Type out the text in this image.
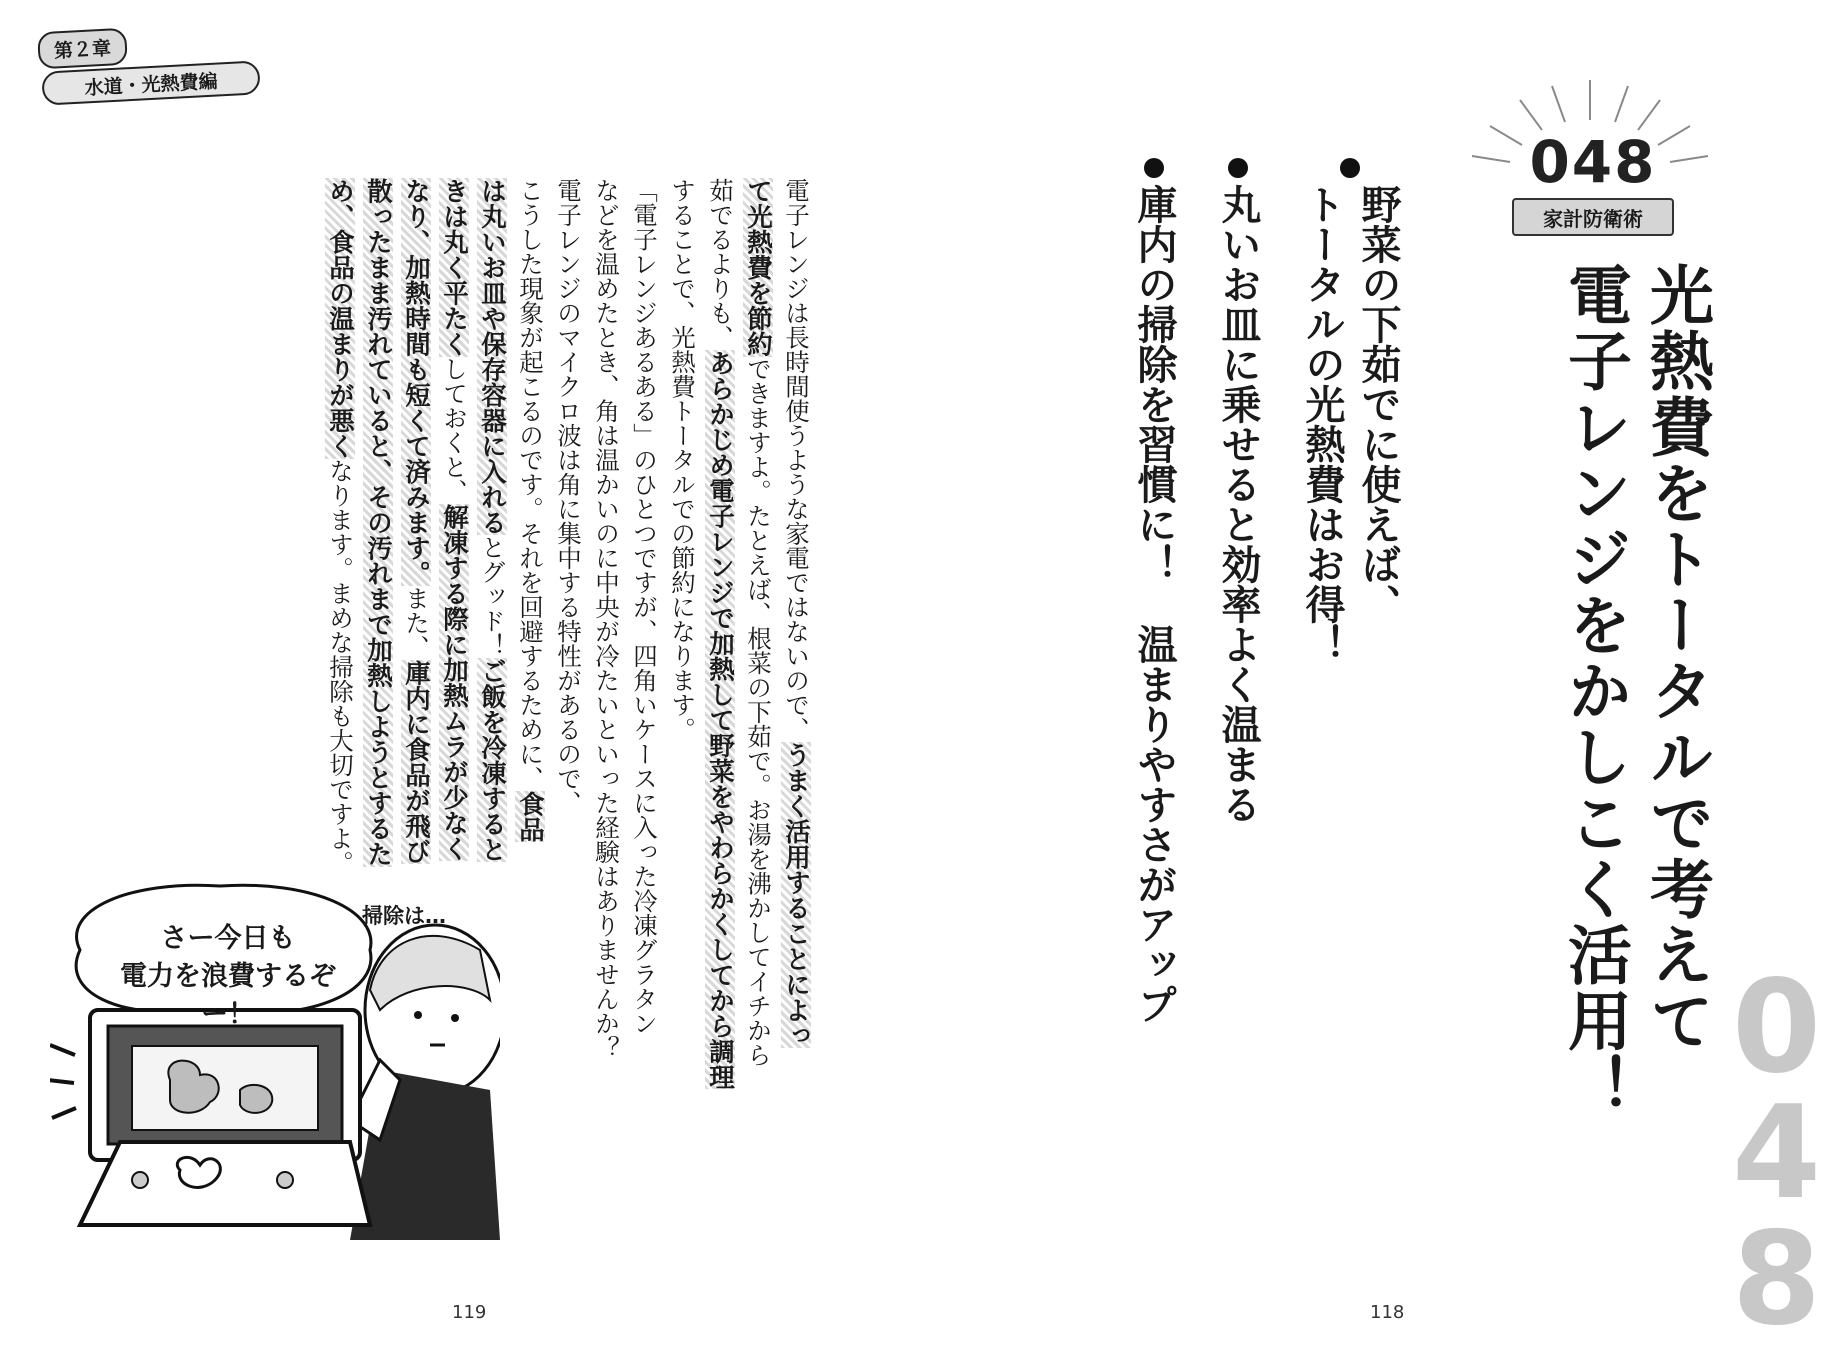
第２章
水道・光熱費編
048
家計防衛術
光熱費をトータルで考えて
電子レンジをかしこく活用！
野菜の下茹でに使えば、
トータルの光熱費はお得！
丸いお皿に乗せると効率よく温まる
庫内の掃除を習慣に！　温まりやすさがアップ
0
4
8
電子レンジは長時間使うような家電ではないので、うまく活用することによっ
て光熱費を節約できますよ。たとえば、根菜の下茹で。お湯を沸かしてイチから
茹でるよりも、あらかじめ電子レンジで加熱して野菜をやわらかくしてから調理
することで、光熱費トータルでの節約になります。
「電子レンジあるある」のひとつですが、四角いケースに入った冷凍グラタン
などを温めたとき、角は温かいのに中央が冷たいといった経験はありませんか？
電子レンジのマイクロ波は角に集中する特性があるので、
こうした現象が起こるのです。それを回避するために、食品
は丸いお皿や保存容器に入れるとグッド！ご飯を冷凍すると
きは丸く平たくしておくと、解凍する際に加熱ムラが少なく
なり、加熱時間も短くて済みます。また、庫内に食品が飛び
散ったまま汚れていると、その汚れまで加熱しようとするた
め、食品の温まりが悪くなります。まめな掃除も大切ですよ。
さー今日も
電力を浪費するぞー！
掃除は…
119	118
